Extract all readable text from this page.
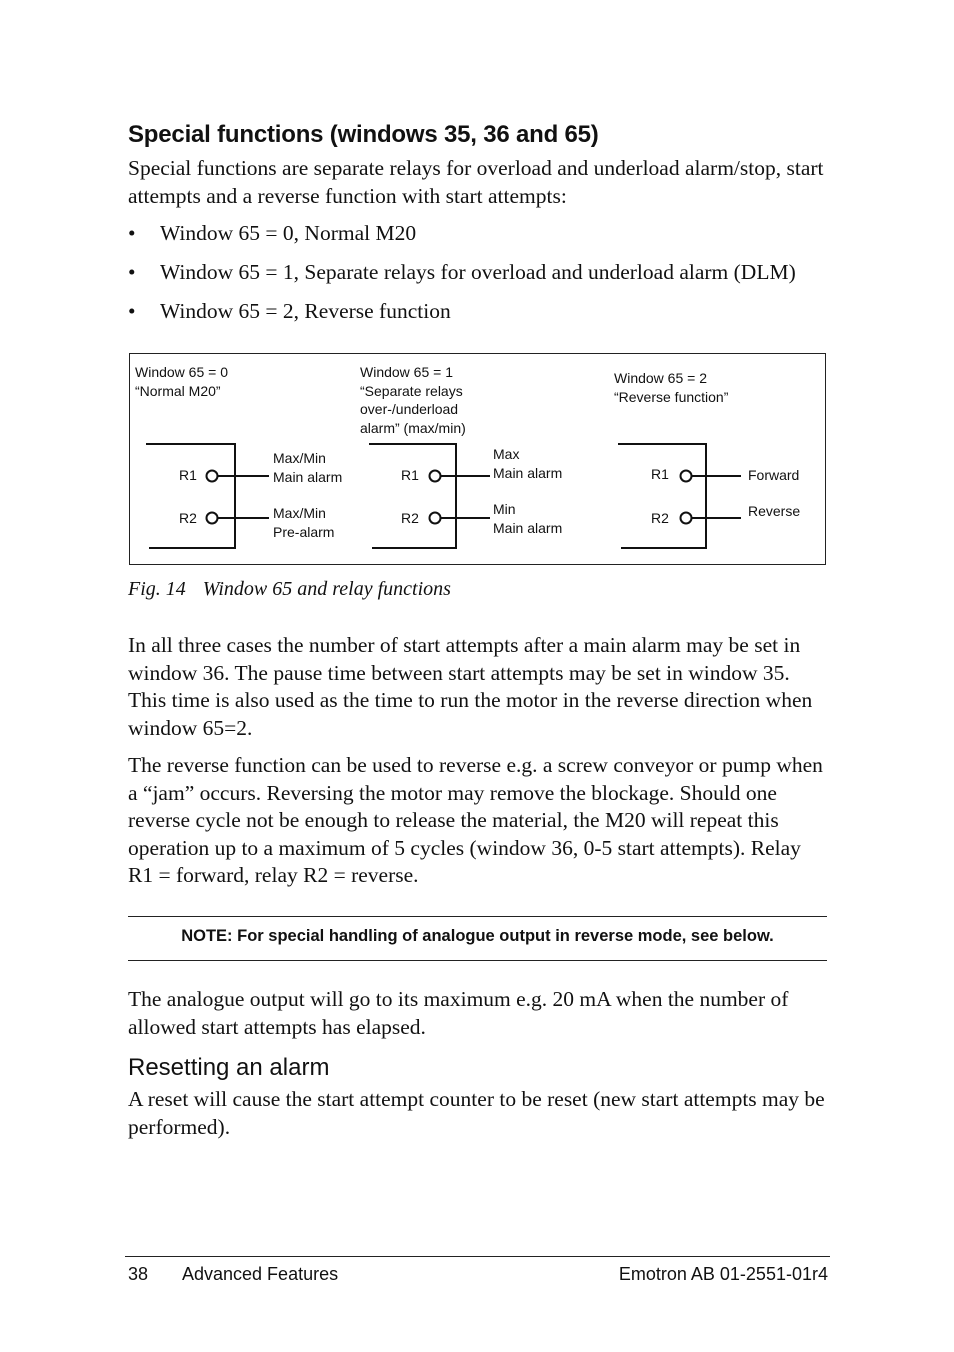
Special functions (windows 35, 36 and 65)
Special functions are separate relays for overload and underload alarm/stop, start attempts and a reverse function with start attempts:
• Window 65 = 0, Normal M20
• Window 65 = 1, Separate relays for overload and underload alarm (DLM)
• Window 65 = 2, Reverse function
Window 65 = 0
“Normal M20”
R1
R2
Max/Min
Main alarm
Max/Min
Pre-alarm
Window 65 = 1
“Separate relays
over-/underload
alarm” (max/min)
R1
R2
Max
Main alarm
Min
Main alarm
Window 65 = 2
“Reverse function”
R1
R2
Forward
Reverse
Fig. 14 Window 65 and relay functions
In all three cases the number of start attempts after a main alarm may be set in window 36. The pause time between start attempts may be set in window 35. This time is also used as the time to run the motor in the reverse direction when window 65=2.
The reverse function can be used to reverse e.g. a screw conveyor or pump when a “jam” occurs. Reversing the motor may remove the blockage. Should one reverse cycle not be enough to release the material, the M20 will repeat this operation up to a maximum of 5 cycles (window 36, 0-5 start attempts). Relay R1 = forward, relay R2 = reverse.
NOTE: For special handling of analogue output in reverse mode, see below.
The analogue output will go to its maximum e.g. 20 mA when the number of allowed start attempts has elapsed.
Resetting an alarm
A reset will cause the start attempt counter to be reset (new start attempts may be performed).
38 Advanced Features	Emotron AB 01-2551-01r4
